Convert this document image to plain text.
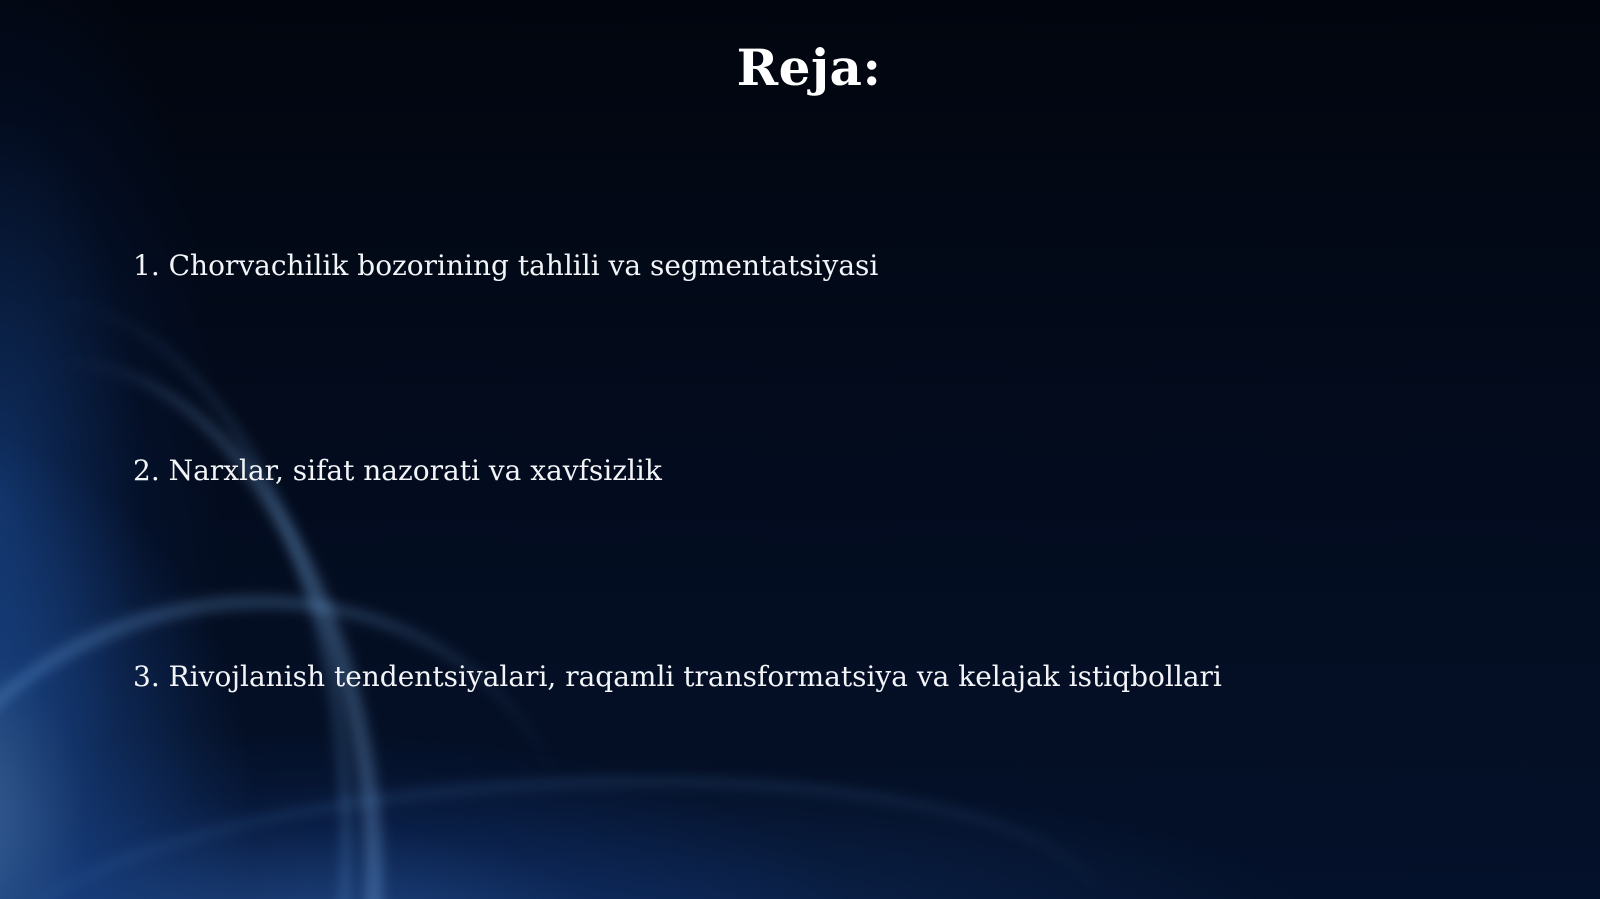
Reja:
1. Chorvachilik bozorining tahlili va segmentatsiyasi
2. Narxlar, sifat nazorati va xavfsizlik
3. Rivojlanish tendentsiyalari, raqamli transformatsiya va kelajak istiqbollari
